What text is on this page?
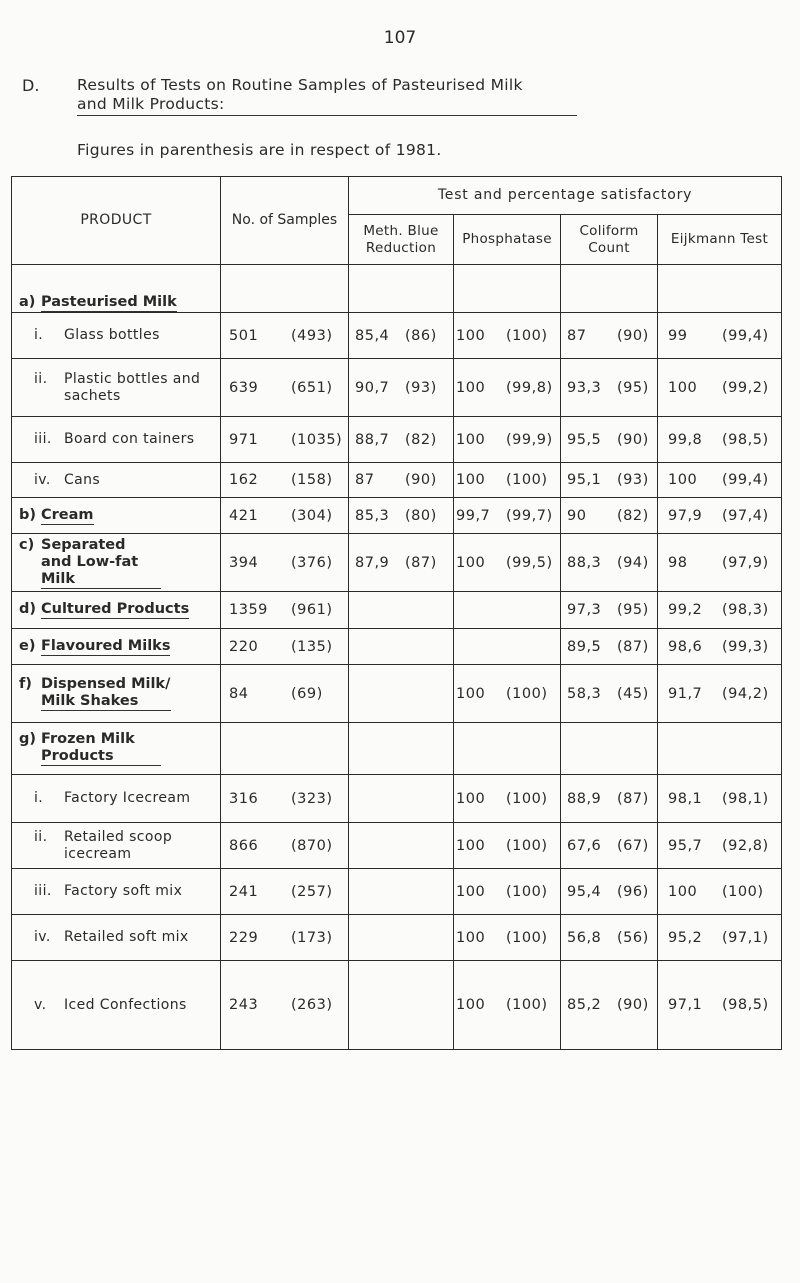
107
D. Results of Tests on Routine Samples of Pasteurised Milk
and Milk Products:
Figures in parenthesis are in respect of 1981.
PRODUCT	No. of Samples	Test and percentage satisfactory			
		Meth. Blue Reduction	Phosphatase	Coliform Count	Eijkmann Test
a) Pasteurised Milk					

i. Glass bottles	501 (493)	85,4 (86)	100 (100)	87 (90)	99 (99,4)

ii. Plastic bottles and sachets	639 (651)	90,7 (93)	100 (99,8)	93,3 (95)	100 (99,2)

iii. Board con tainers	971 (1035)	88,7 (82)	100 (99,9)	95,5 (90)	99,8 (98,5)

iv. Cans	162 (158)	87 (90)	100 (100)	95,1 (93)	100 (99,4)

b) Cream	421 (304)	85,3 (80)	99,7 (99,7)	90 (82)	97,9 (97,4)

c) Separated and Low-fat Milk	394 (376)	87,9 (87)	100 (99,5)	88,3 (94)	98 (97,9)

d) Cultured Products	1359 (961)			97,3 (95)	99,2 (98,3)

e) Flavoured Milks	220 (135)			89,5 (87)	98,6 (99,3)

f) Dispensed Milk/ Milk Shakes	84 (69)		100 (100)	58,3 (45)	91,7 (94,2)

g) Frozen Milk Products					

i. Factory Icecream	316 (323)		100 (100)	88,9 (87)	98,1 (98,1)

ii. Retailed scoop icecream	866 (870)		100 (100)	67,6 (67)	95,7 (92,8)

iii. Factory soft mix	241 (257)		100 (100)	95,4 (96)	100 (100)

iv. Retailed soft mix	229 (173)		100 (100)	56,8 (56)	95,2 (97,1)

v. Iced Confections	243 (263)		100 (100)	85,2 (90)	97,1 (98,5)
